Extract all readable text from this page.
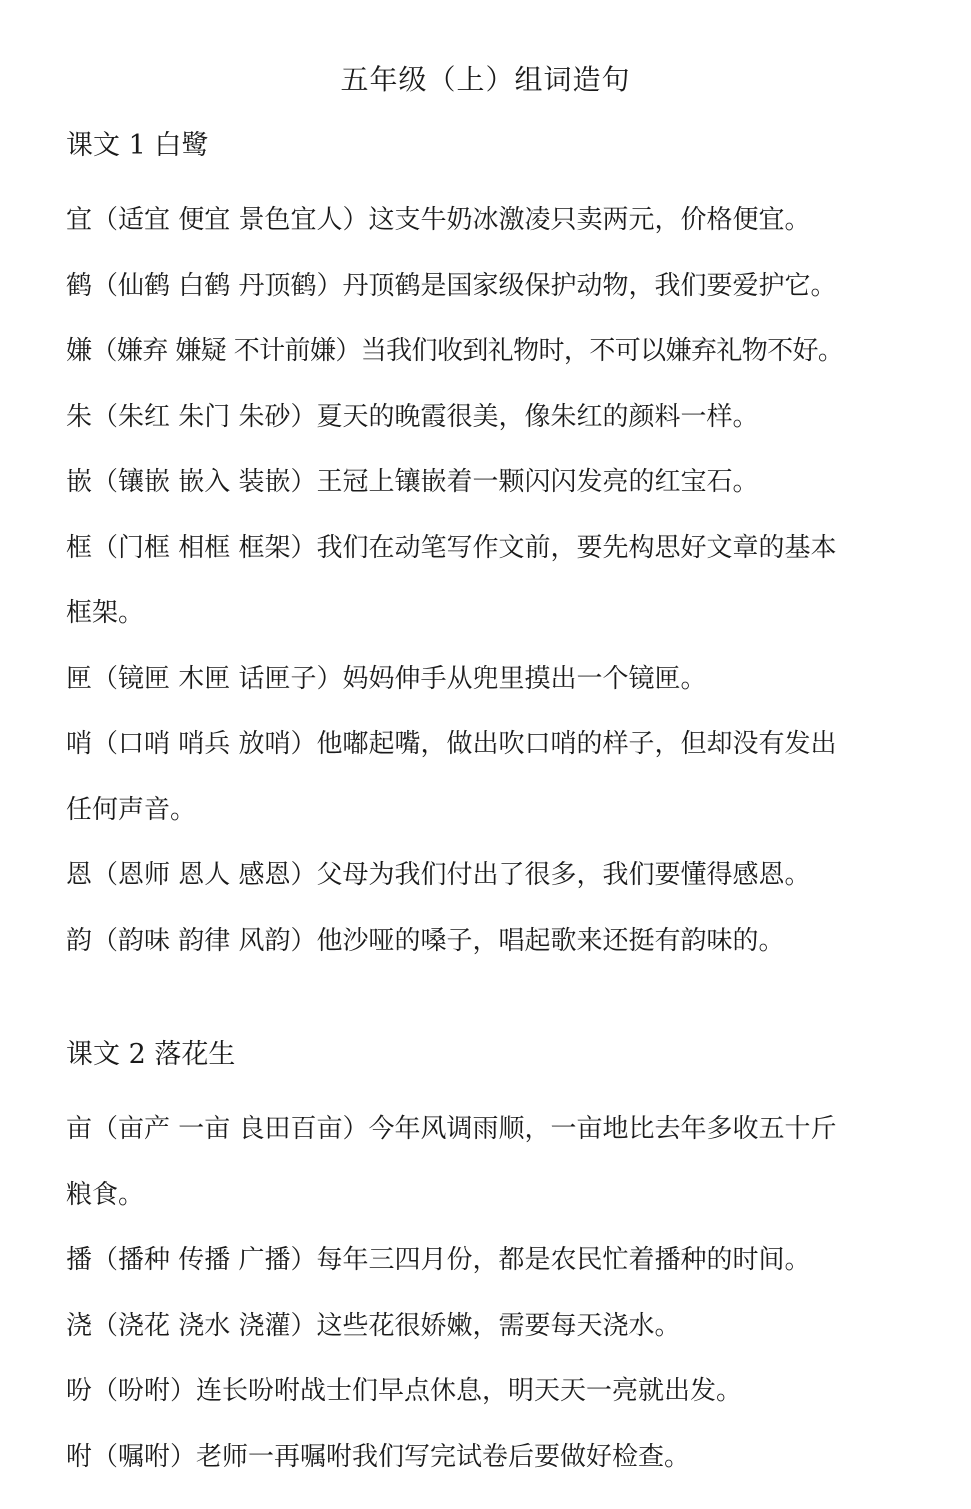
五年级（上）组词造句
课文 1 白鹭
宜（适宜 便宜 景色宜人）这支牛奶冰激凌只卖两元，价格便宜。
鹤（仙鹤 白鹤 丹顶鹤）丹顶鹤是国家级保护动物，我们要爱护它。
嫌（嫌弃 嫌疑 不计前嫌）当我们收到礼物时，不可以嫌弃礼物不好。
朱（朱红 朱门 朱砂）夏天的晚霞很美，像朱红的颜料一样。
嵌（镶嵌 嵌入 装嵌）王冠上镶嵌着一颗闪闪发亮的红宝石。
框（门框 相框 框架）我们在动笔写作文前，要先构思好文章的基本
框架。
匣（镜匣 木匣 话匣子）妈妈伸手从兜里摸出一个镜匣。
哨（口哨 哨兵 放哨）他嘟起嘴，做出吹口哨的样子，但却没有发出
任何声音。
恩（恩师 恩人 感恩）父母为我们付出了很多，我们要懂得感恩。
韵（韵味 韵律 风韵）他沙哑的嗓子，唱起歌来还挺有韵味的。
课文 2 落花生
亩（亩产 一亩 良田百亩）今年风调雨顺，一亩地比去年多收五十斤
粮食。
播（播种 传播 广播）每年三四月份，都是农民忙着播种的时间。
浇（浇花 浇水 浇灌）这些花很娇嫩，需要每天浇水。
吩（吩咐）连长吩咐战士们早点休息，明天天一亮就出发。
咐（嘱咐）老师一再嘱咐我们写完试卷后要做好检查。
